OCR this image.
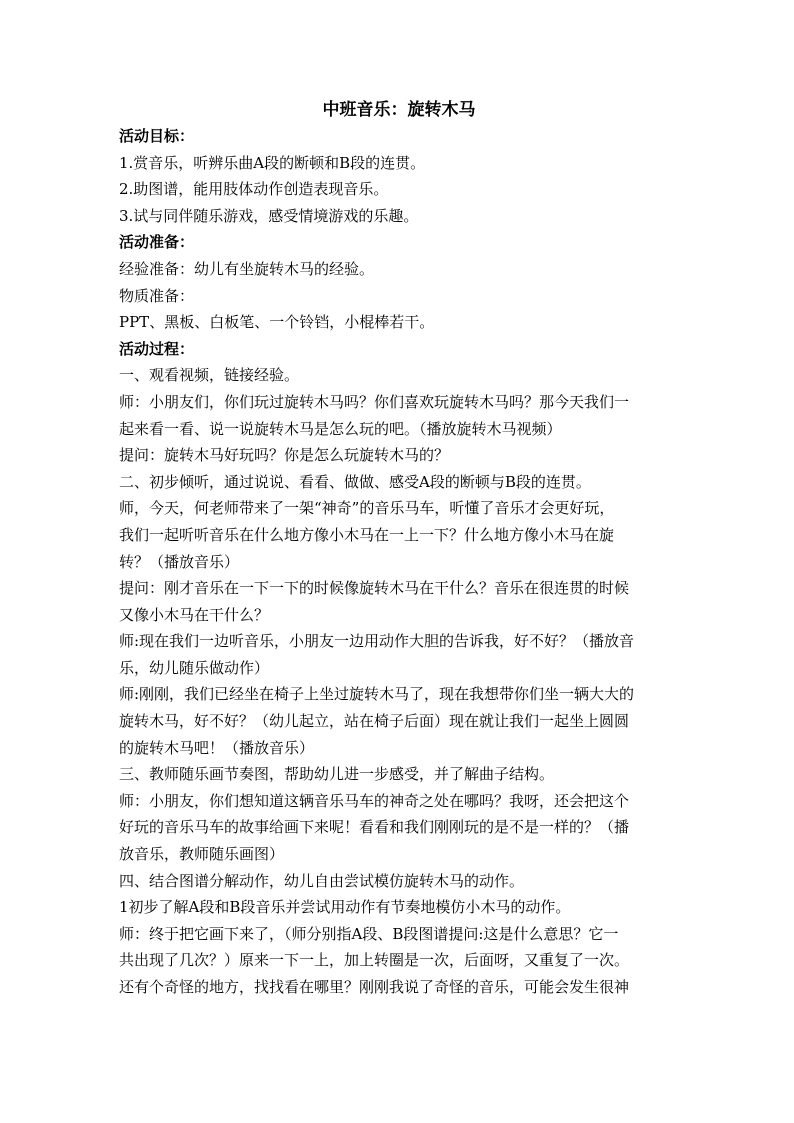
中班音乐：旋转木马
活动目标：
1.赏音乐，听辨乐曲A段的断顿和B段的连贯。
2.助图谱，能用肢体动作创造表现音乐。
3.试与同伴随乐游戏，感受情境游戏的乐趣。
活动准备：
经验准备：幼儿有坐旋转木马的经验。
物质准备：
PPT、黑板、白板笔、一个铃铛，小棍棒若干。
活动过程：
一、观看视频，链接经验。
师：小朋友们，你们玩过旋转木马吗？你们喜欢玩旋转木马吗？那今天我们一
起来看一看、说一说旋转木马是怎么玩的吧。（播放旋转木马视频）
提问：旋转木马好玩吗？你是怎么玩旋转木马的？
二、初步倾听，通过说说、看看、做做、感受A段的断顿与B段的连贯。
师，今天，何老师带来了一架“神奇”的音乐马车，听懂了音乐才会更好玩，
我们一起听听音乐在什么地方像小木马在一上一下？什么地方像小木马在旋
转？（播放音乐）
提问：刚才音乐在一下一下的时候像旋转木马在干什么？音乐在很连贯的时候
又像小木马在干什么？
师:现在我们一边听音乐，小朋友一边用动作大胆的告诉我，好不好？（播放音
乐，幼儿随乐做动作）
师:刚刚，我们已经坐在椅子上坐过旋转木马了，现在我想带你们坐一辆大大的
旋转木马，好不好？（幼儿起立，站在椅子后面）现在就让我们一起坐上圆圆
的旋转木马吧！（播放音乐）
三、教师随乐画节奏图，帮助幼儿进一步感受，并了解曲子结构。
师：小朋友，你们想知道这辆音乐马车的神奇之处在哪吗？我呀，还会把这个
好玩的音乐马车的故事给画下来呢！看看和我们刚刚玩的是不是一样的？（播
放音乐，教师随乐画图）
四、结合图谱分解动作，幼儿自由尝试模仿旋转木马的动作。
1初步了解A段和B段音乐并尝试用动作有节奏地模仿小木马的动作。
师：终于把它画下来了，（师分别指A段、B段图谱提问:这是什么意思？它一
共出现了几次？）原来一下一上，加上转圈是一次，后面呀，又重复了一次。
还有个奇怪的地方，找找看在哪里？刚刚我说了奇怪的音乐，可能会发生很神
